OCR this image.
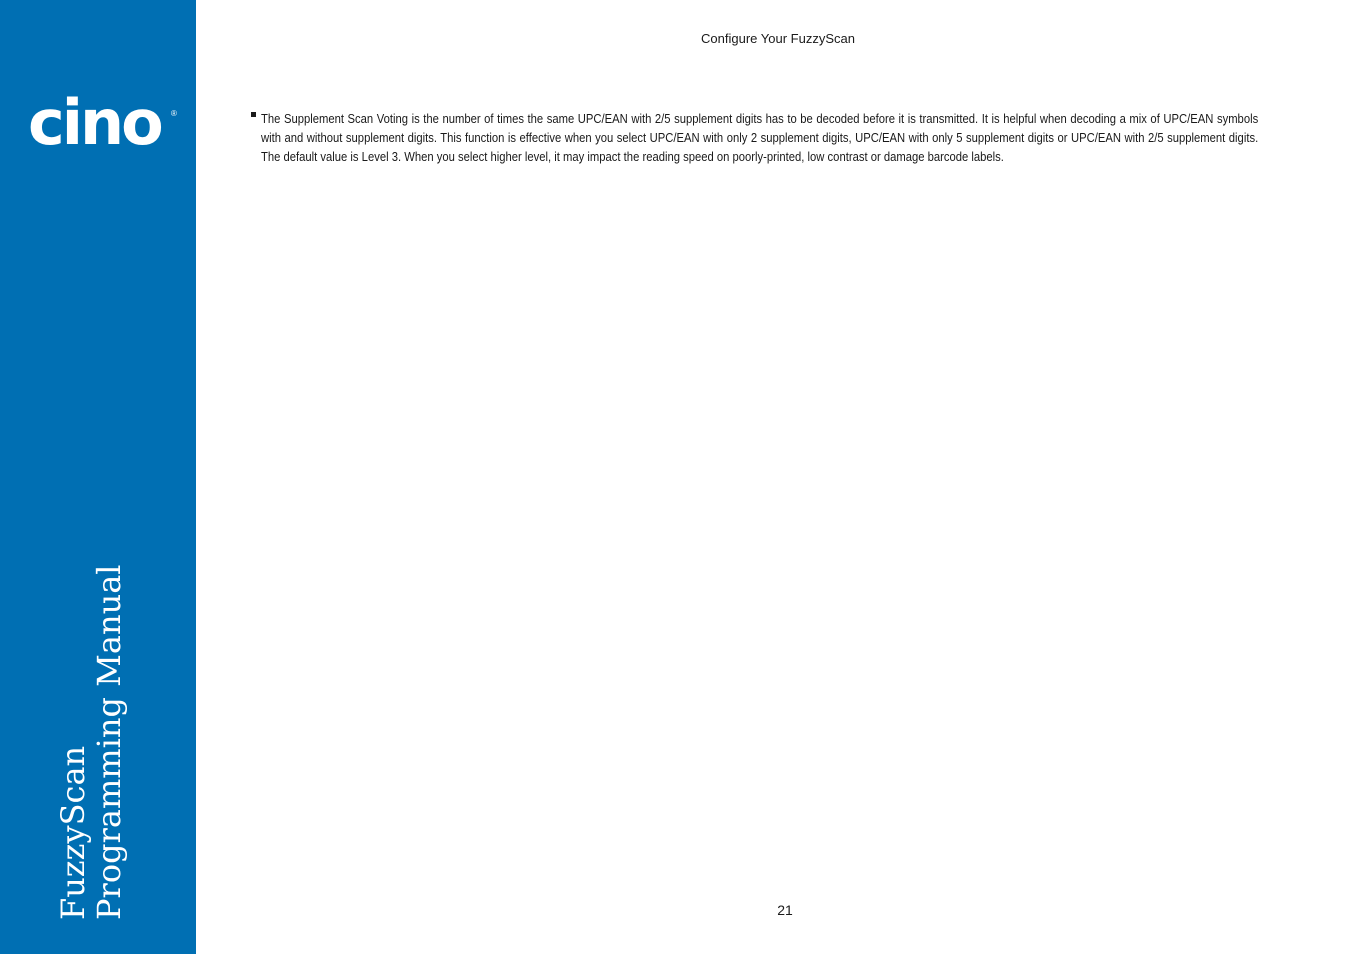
cino ®
FuzzyScan
Programming Manual
Configure Your FuzzyScan
The Supplement Scan Voting is the number of times the same UPC/EAN with 2/5 supplement digits has to be decoded before it is transmitted. It is helpful when decoding a mix of UPC/EAN symbols with and without supplement digits. This function is effective when you select UPC/EAN with only 2 supplement digits, UPC/EAN with only 5 supplement digits or UPC/EAN with 2/5 supplement digits. The default value is Level 3. When you select higher level, it may impact the reading speed on poorly-printed, low contrast or damage barcode labels.
21
